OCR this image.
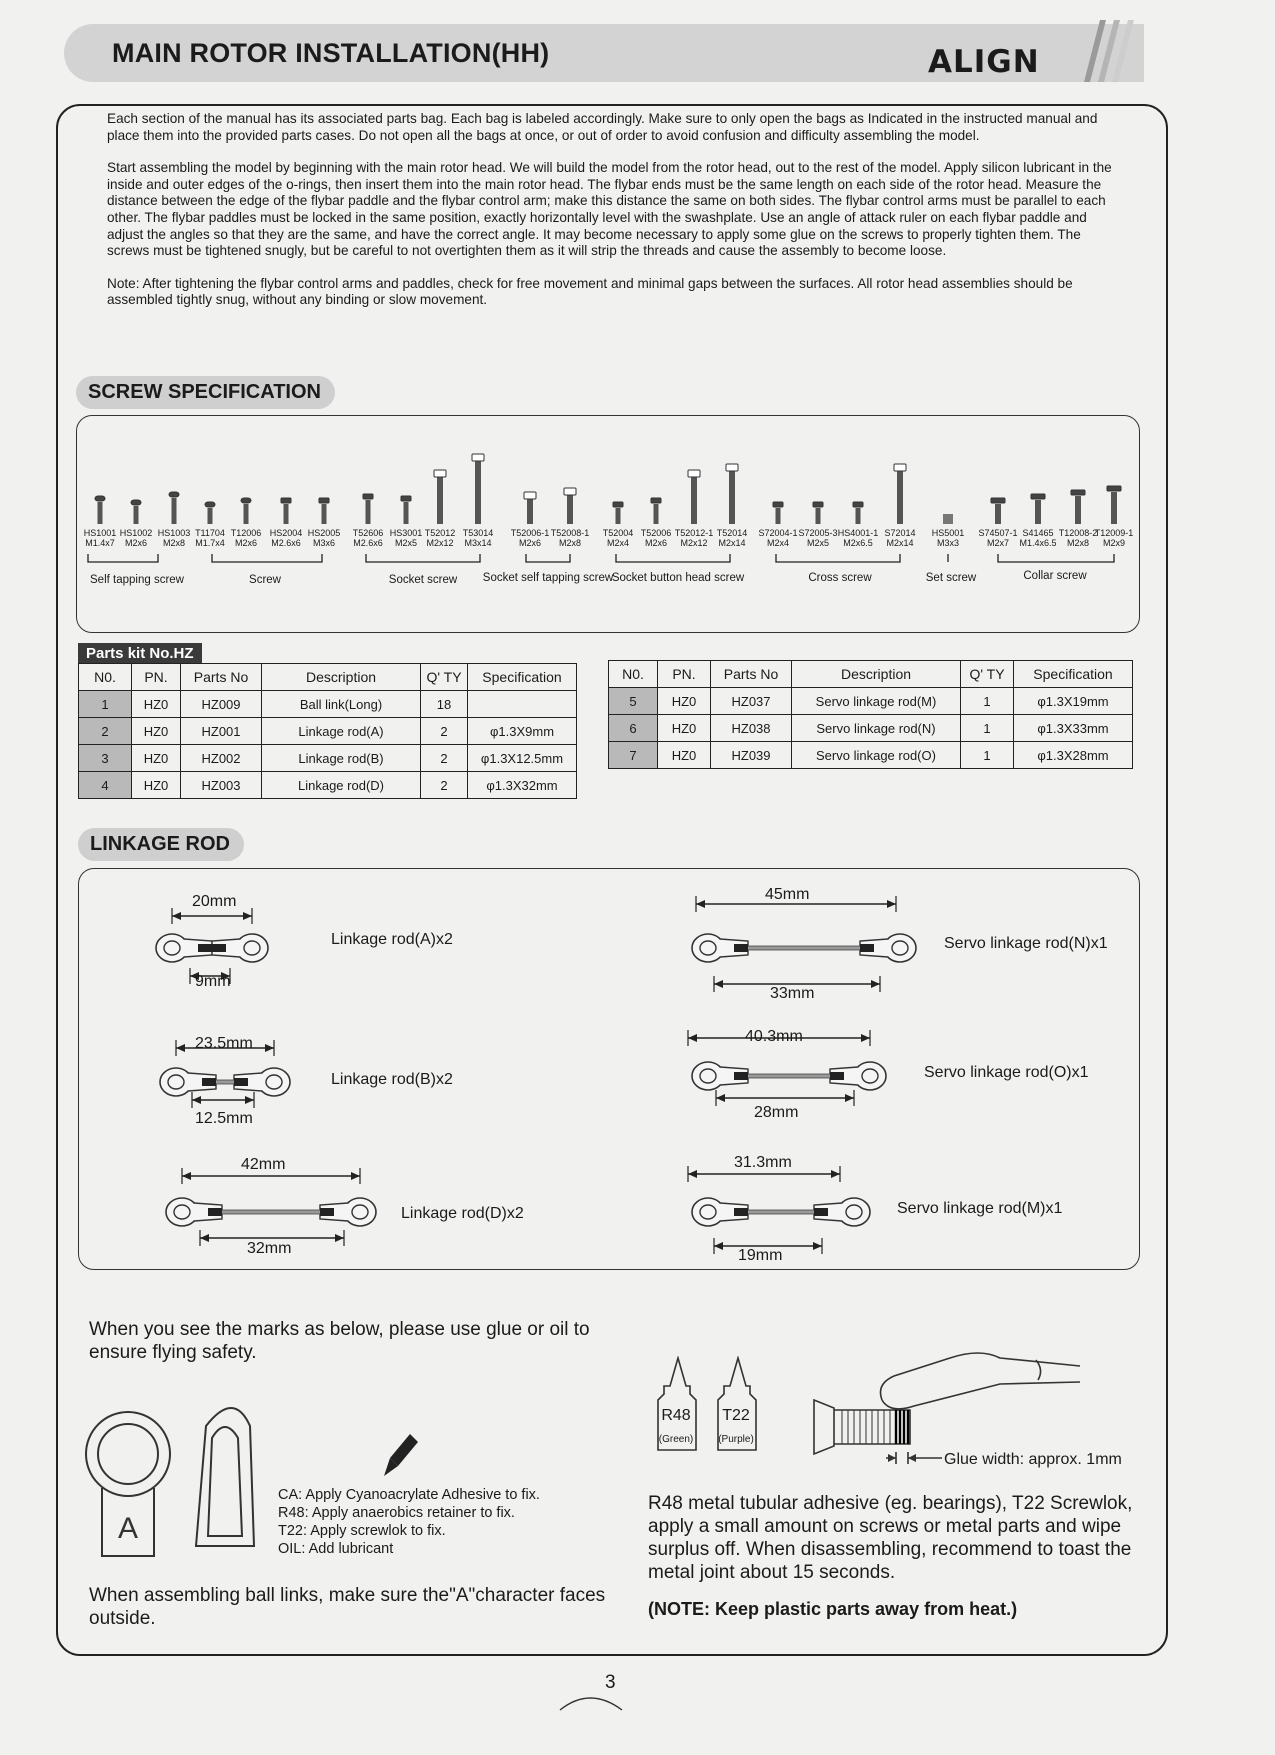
MAIN ROTOR INSTALLATION(HH)	ALIGN

Each section of the manual has its associated parts bag. Each bag is labeled accordingly. Make sure to only open the bags as Indicated in the instructed manual and place them into the provided parts cases. Do not open all the bags at once, or out of order to avoid confusion and difficulty assembling the model.

Start assembling the model by beginning with the main rotor head. We will build the model from the rotor head, out to the rest of the model. Apply silicon lubricant in the inside and outer edges of the o-rings, then insert them into the main rotor head. The flybar ends must be the same length on each side of the rotor head. Measure the distance between the edge of the flybar paddle and the flybar control arm; make this distance the same on both sides. The flybar control arms must be parallel to each other. The flybar paddles must be locked in the same position, exactly horizontally level with the swashplate. Use an angle of attack ruler on each flybar paddle and adjust the angles so that they are the same, and have the correct angle. It may become necessary to apply some glue on the screws to properly tighten them. The screws must be tightened snugly, but be careful to not overtighten them as it will strip the threads and cause the assembly to become loose.

Note: After tightening the flybar control arms and paddles, check for free movement and minimal gaps between the surfaces. All rotor head assemblies should be assembled tightly snug, without any binding or slow movement.

SCREW SPECIFICATION
HS1001
M1.4x7
HS1002
M2x6
HS1003
M2x8
T11704
M1.7x4
T12006
M2x6
HS2004
M2.6x6
HS2005
M3x6
T52606
M2.6x6
HS3001
M2x5
T52012
M2x12
T53014
M3x14
T52006-1
M2x6
T52008-1
M2x8
T52004
M2x4
T52006
M2x6
T52012-1
M2x12
T52014
M2x14
S72004-1
M2x4
S72005-3
M2x5
HS4001-1
M2x6.5
S72014
M2x14
HS5001
M3x3
S74507-1
M2x7
S41465
M1.4x6.5
T12008-2
M2x8
T12009-1
M2x9
Self tapping screw	Screw	Socket screw Socket self tapping screw
Socket button head screw	Cross screw	Set screw	Collar screw
Parts kit No.HZ
N0.	PN.	Parts No	Description	Q' TY	Specification
1	HZ0	HZ009	Ball link(Long)	18	
2	HZ0	HZ001	Linkage rod(A)	2	φ1.3X9mm
3	HZ0	HZ002	Linkage rod(B)	2	φ1.3X12.5mm
4	HZ0	HZ003	Linkage rod(D)	2	φ1.3X32mm
N0.	PN.	Parts No	Description	Q' TY	Specification
5	HZ0	HZ037	Servo linkage rod(M)	1	φ1.3X19mm
6	HZ0	HZ038	Servo linkage rod(N)	1	φ1.3X33mm
7	HZ0	HZ039	Servo linkage rod(O)	1	φ1.3X28mm
LINKAGE ROD
20mm
9mm
Linkage rod(A)x2
23.5mm
12.5mm
Linkage rod(B)x2
42mm
32mm
Linkage rod(D)x2
45mm
33mm
Servo linkage rod(N)x1
40.3mm
28mm
Servo linkage rod(O)x1
31.3mm
19mm
Servo linkage rod(M)x1
When you see the marks as below, please use glue or oil to ensure flying safety.
A
CA: Apply Cyanoacrylate Adhesive to fix.
R48: Apply anaerobics retainer to fix.
T22: Apply screwlok to fix.
OIL: Add lubricant
When assembling ball links, make sure the"A"character faces outside.
R48
(Green)
T22
(Purple)
Glue width: approx. 1mm
R48 metal tubular adhesive (eg. bearings), T22 Screwlok, apply a small amount on screws or metal parts and wipe surplus off. When disassembling, recommend to toast the metal joint about 15 seconds.
(NOTE: Keep plastic parts away from heat.)
3
